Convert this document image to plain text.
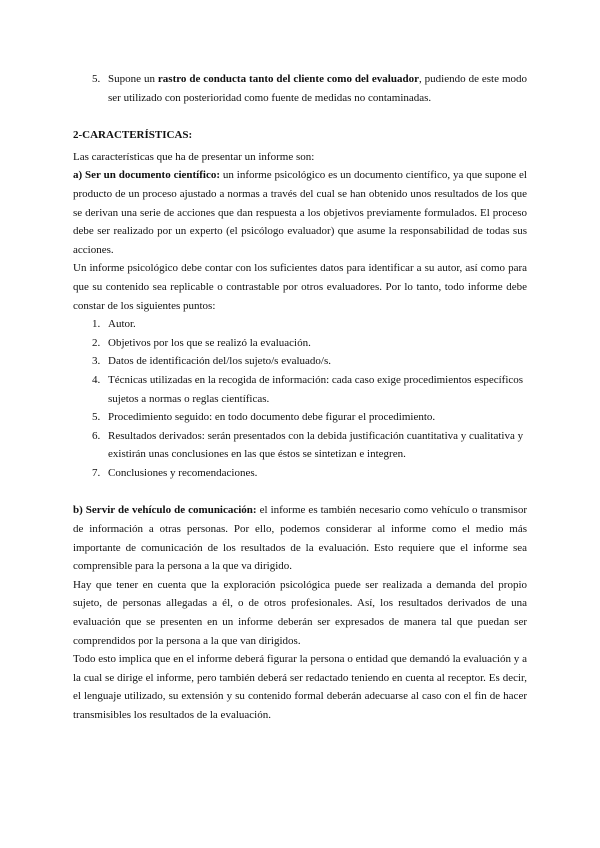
5. Supone un rastro de conducta tanto del cliente como del evaluador, pudiendo de este modo ser utilizado con posterioridad como fuente de medidas no contaminadas.
2-CARACTERÍSTICAS:
Las características que ha de presentar un informe son:
a) Ser un documento científico: un informe psicológico es un documento científico, ya que supone el producto de un proceso ajustado a normas a través del cual se han obtenido unos resultados de los que se derivan una serie de acciones que dan respuesta a los objetivos previamente formulados. El proceso debe ser realizado por un experto (el psicólogo evaluador) que asume la responsabilidad de todas sus acciones.
Un informe psicológico debe contar con los suficientes datos para identificar a su autor, así como para que su contenido sea replicable o contrastable por otros evaluadores. Por lo tanto, todo informe debe constar de los siguientes puntos:
1. Autor.
2. Objetivos por los que se realizó la evaluación.
3. Datos de identificación del/los sujeto/s evaluado/s.
4. Técnicas utilizadas en la recogida de información: cada caso exige procedimientos específicos sujetos a normas o reglas científicas.
5. Procedimiento seguido: en todo documento debe figurar el procedimiento.
6. Resultados derivados: serán presentados con la debida justificación cuantitativa y cualitativa y existirán unas conclusiones en las que éstos se sintetizan e integren.
7. Conclusiones y recomendaciones.
b) Servir de vehículo de comunicación: el informe es también necesario como vehículo o transmisor de información a otras personas. Por ello, podemos considerar al informe como el medio más importante de comunicación de los resultados de la evaluación. Esto requiere que el informe sea comprensible para la persona a la que va dirigido.
Hay que tener en cuenta que la exploración psicológica puede ser realizada a demanda del propio sujeto, de personas allegadas a él, o de otros profesionales. Así, los resultados derivados de una evaluación que se presenten en un informe deberán ser expresados de manera tal que puedan ser comprendidos por la persona a la que van dirigidos.
Todo esto implica que en el informe deberá figurar la persona o entidad que demandó la evaluación y a la cual se dirige el informe, pero también deberá ser redactado teniendo en cuenta al receptor. Es decir, el lenguaje utilizado, su extensión y su contenido formal deberán adecuarse al caso con el fin de hacer transmisibles los resultados de la evaluación.
